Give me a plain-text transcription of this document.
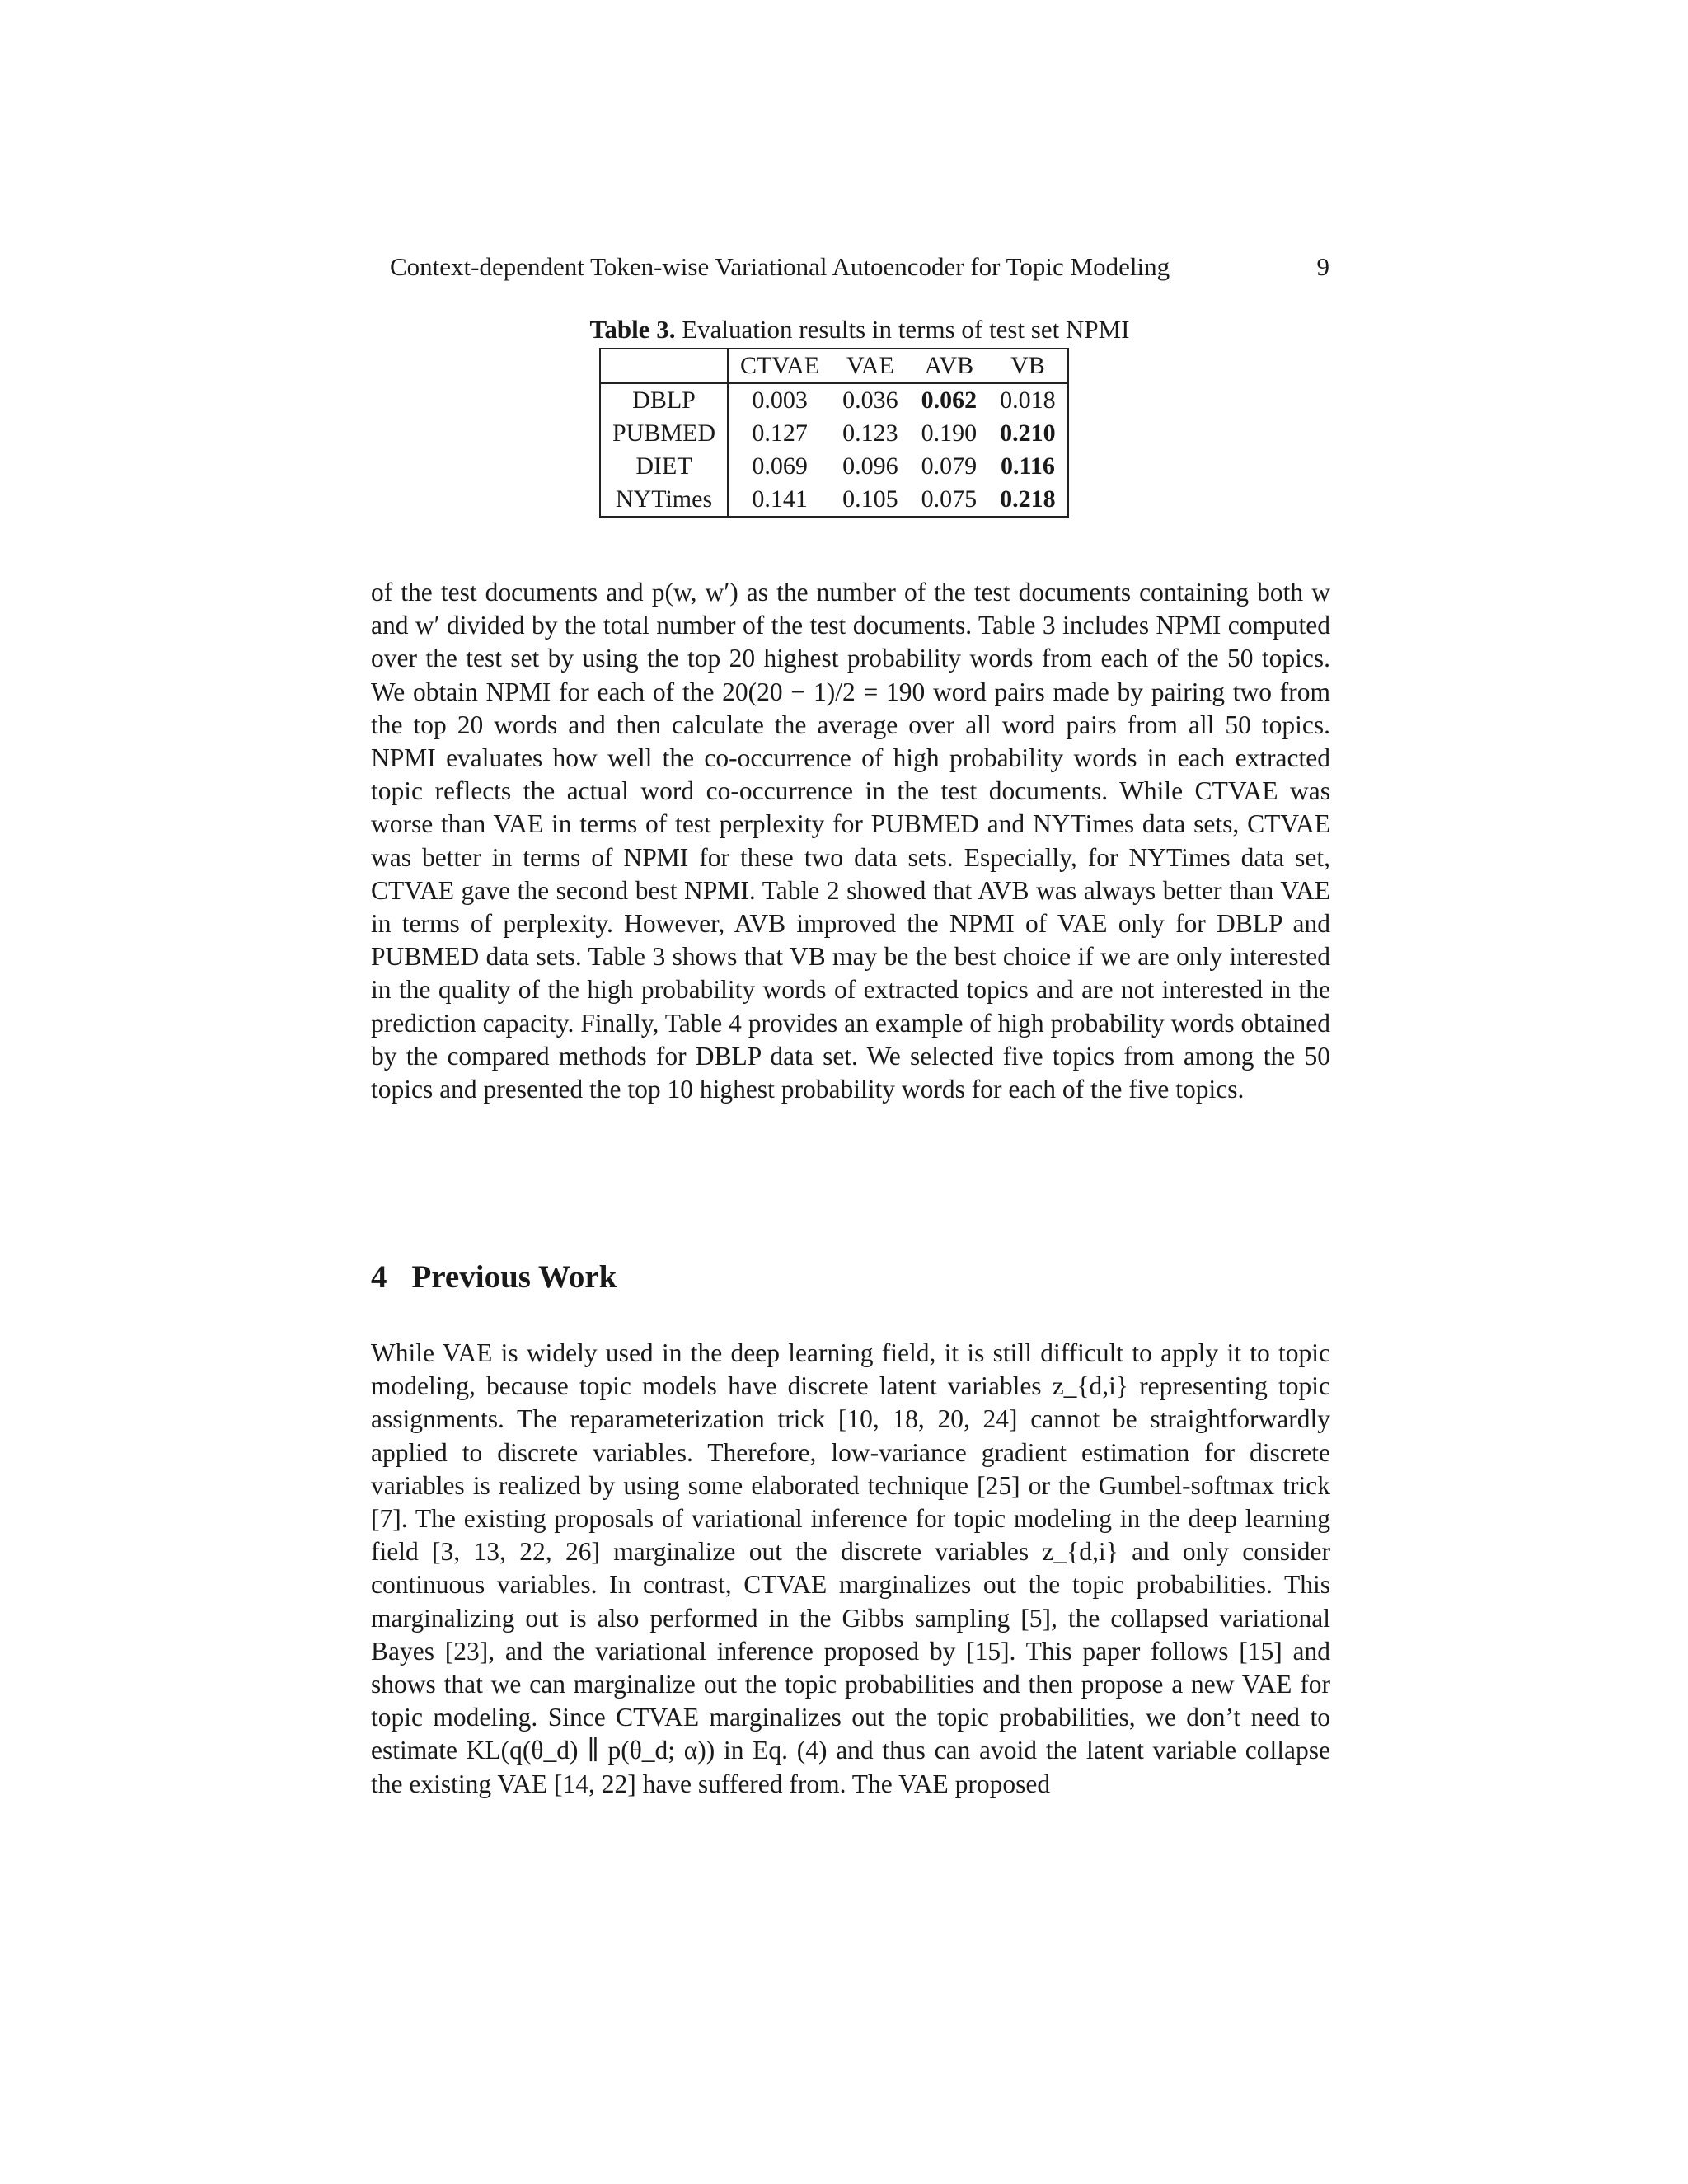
Context-dependent Token-wise Variational Autoencoder for Topic Modeling	9
Table 3. Evaluation results in terms of test set NPMI
	CTVAE	VAE	AVB	VB
DBLP	0.003	0.036	0.062	0.018
PUBMED	0.127	0.123	0.190	0.210
DIET	0.069	0.096	0.079	0.116
NYTimes	0.141	0.105	0.075	0.218

of the test documents and p(w, w′) as the number of the test documents containing both w and w′ divided by the total number of the test documents. Table 3 includes NPMI computed over the test set by using the top 20 highest probability words from each of the 50 topics. We obtain NPMI for each of the 20(20 − 1)/2 = 190 word pairs made by pairing two from the top 20 words and then calculate the average over all word pairs from all 50 topics. NPMI evaluates how well the co-occurrence of high probability words in each extracted topic reflects the actual word co-occurrence in the test documents. While CTVAE was worse than VAE in terms of test perplexity for PUBMED and NYTimes data sets, CTVAE was better in terms of NPMI for these two data sets. Especially, for NYTimes data set, CTVAE gave the second best NPMI. Table 2 showed that AVB was always better than VAE in terms of perplexity. However, AVB improved the NPMI of VAE only for DBLP and PUBMED data sets. Table 3 shows that VB may be the best choice if we are only interested in the quality of the high probability words of extracted topics and are not interested in the prediction capacity. Finally, Table 4 provides an example of high probability words obtained by the compared methods for DBLP data set. We selected five topics from among the 50 topics and presented the top 10 highest probability words for each of the five topics.

4 Previous Work

While VAE is widely used in the deep learning field, it is still difficult to apply it to topic modeling, because topic models have discrete latent variables z_{d,i} representing topic assignments. The reparameterization trick [10, 18, 20, 24] cannot be straightforwardly applied to discrete variables. Therefore, low-variance gradient estimation for discrete variables is realized by using some elaborated technique [25] or the Gumbel-softmax trick [7]. The existing proposals of variational inference for topic modeling in the deep learning field [3, 13, 22, 26] marginalize out the discrete variables z_{d,i} and only consider continuous variables. In contrast, CTVAE marginalizes out the topic probabilities. This marginalizing out is also performed in the Gibbs sampling [5], the collapsed variational Bayes [23], and the variational inference proposed by [15]. This paper follows [15] and shows that we can marginalize out the topic probabilities and then propose a new VAE for topic modeling. Since CTVAE marginalizes out the topic probabilities, we don’t need to estimate KL(q(θ_d) ∥ p(θ_d; α)) in Eq. (4) and thus can avoid the latent variable collapse the existing VAE [14, 22] have suffered from. The VAE proposed
